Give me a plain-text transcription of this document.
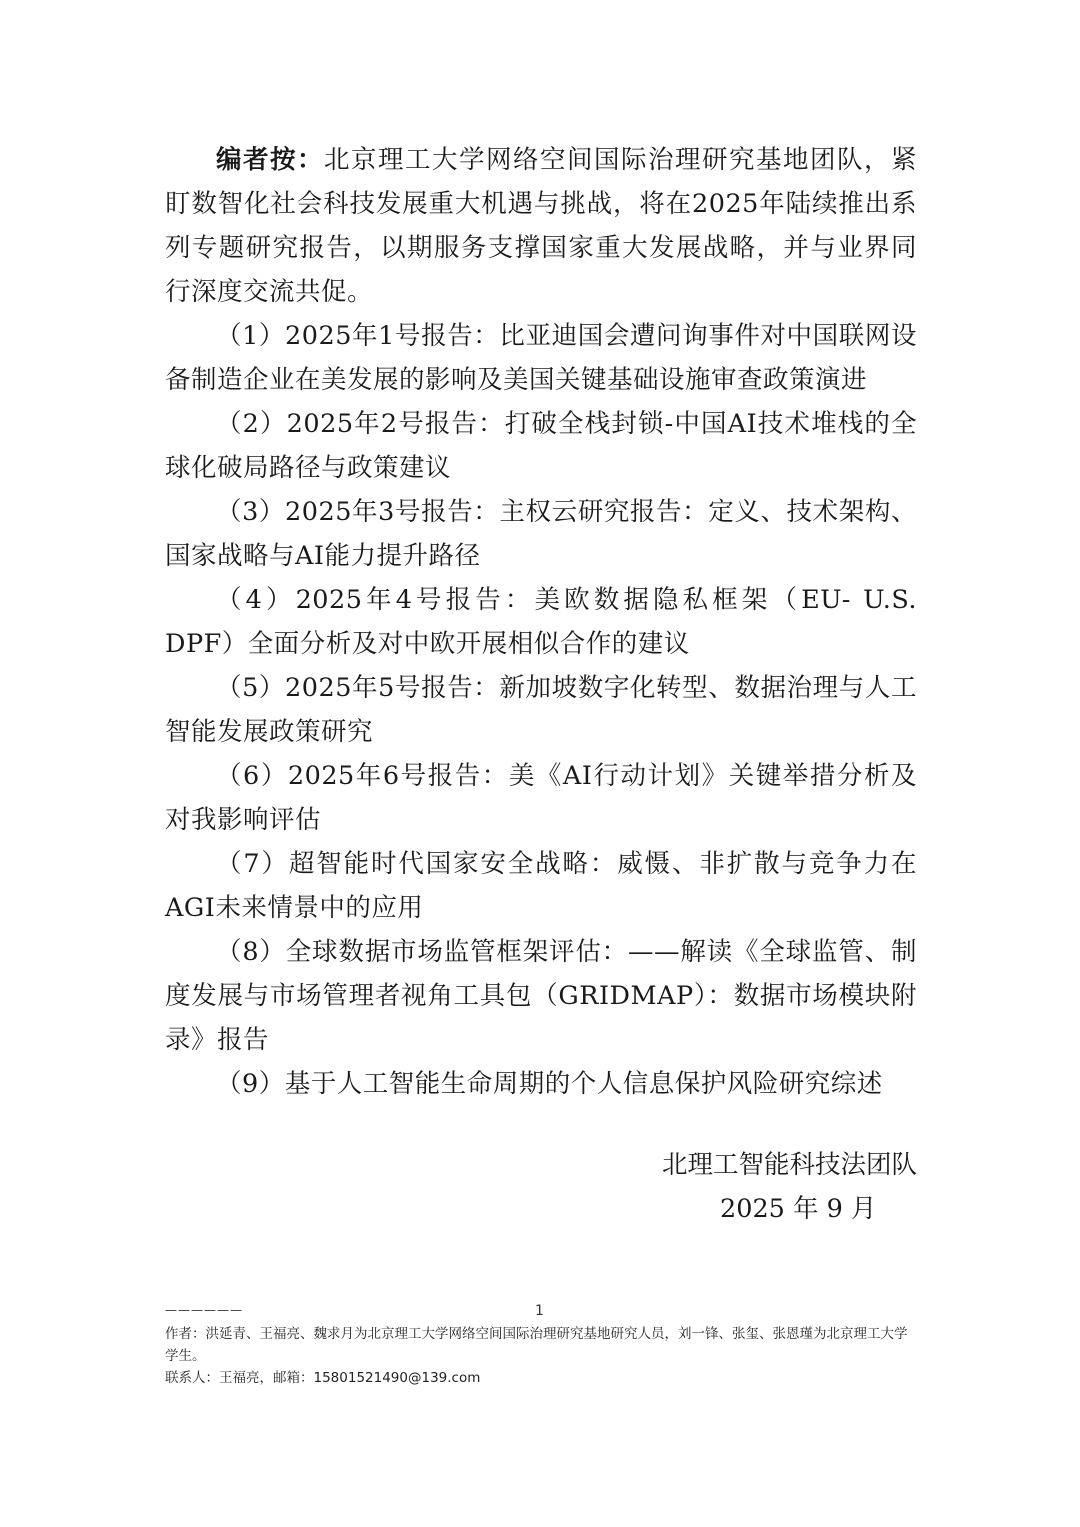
编者按：北京理工大学网络空间国际治理研究基地团队，紧盯数智化社会科技发展重大机遇与挑战，将在2025年陆续推出系列专题研究报告，以期服务支撑国家重大发展战略，并与业界同行深度交流共促。

（1）2025年1号报告：比亚迪国会遭问询事件对中国联网设备制造企业在美发展的影响及美国关键基础设施审查政策演进

（2）2025年2号报告：打破全栈封锁-中国AI技术堆栈的全球化破局路径与政策建议

（3）2025年3号报告：主权云研究报告：定义、技术架构、国家战略与AI能力提升路径

（4）2025年4号报告：美欧数据隐私框架（EU- U.S. DPF）全面分析及对中欧开展相似合作的建议

（5）2025年5号报告：新加坡数字化转型、数据治理与人工智能发展政策研究

（6）2025年6号报告：美《AI行动计划》关键举措分析及对我影响评估

（7）超智能时代国家安全战略：威慑、非扩散与竞争力在AGI未来情景中的应用

（8）全球数据市场监管框架评估：——解读《全球监管、制度发展与市场管理者视角工具包（GRIDMAP）：数据市场模块附录》报告

（9）基于人工智能生命周期的个人信息保护风险研究综述

北理工智能科技法团队
2025 年 9 月
——————	1

作者：洪延青、王福亮、魏求月为北京理工大学网络空间国际治理研究基地研究人员，刘一锋、张玺、张恩瑾为北京理工大学学生。

联系人：王福亮，邮箱：15801521490@139.com
